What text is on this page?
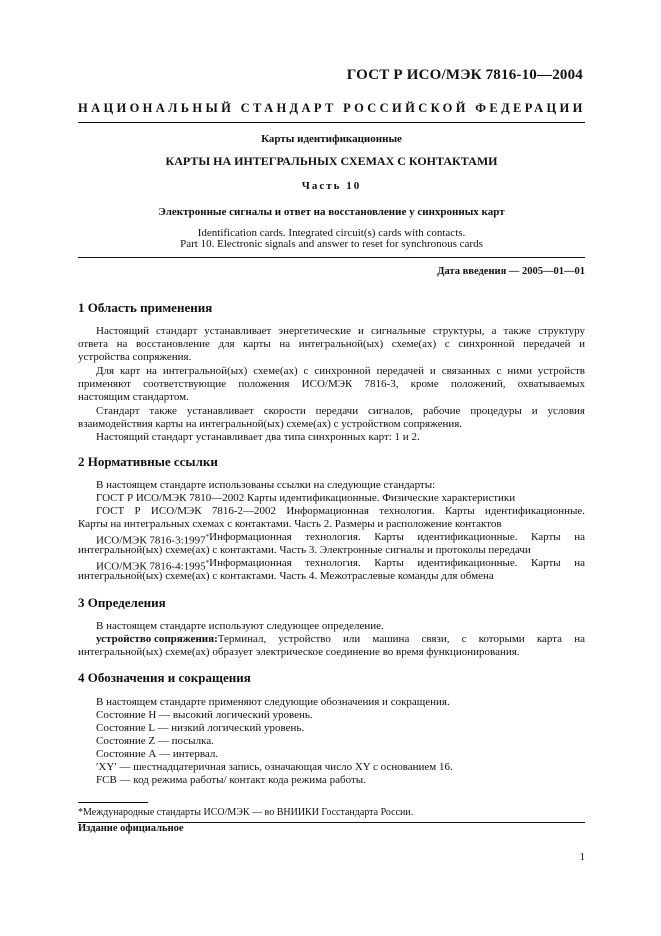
ГОСТ Р ИСО/МЭК 7816-10—2004
НАЦИОНАЛЬНЫЙ СТАНДАРТ РОССИЙСКОЙ ФЕДЕРАЦИИ
Карты идентификационные
КАРТЫ НА ИНТЕГРАЛЬНЫХ СХЕМАХ С КОНТАКТАМИ
Часть 10
Электронные сигналы и ответ на восстановление у синхронных карт
Identification cards. Integrated circuit(s) cards with contacts.
Part 10. Electronic signals and answer to reset for synchronous cards
Дата введения — 2005—01—01
1 Область применения
Настоящий стандарт устанавливает энергетические и сигнальные структуры, а также структуру
ответа на восстановление для карты на интегральной(ых) схеме(ах) с синхронной передачей и
устройства сопряжения.
Для карт на интегральной(ых) схеме(ах) с синхронной передачей и связанных с ними устройств
применяют соответствующие положения ИСО/МЭК 7816-3, кроме положений, охватываемых
настоящим стандартом.
Стандарт также устанавливает скорости передачи сигналов, рабочие процедуры и условия
взаимодействия карты на интегральной(ых) схеме(ах) с устройством сопряжения.
Настоящий стандарт устанавливает два типа синхронных карт: 1 и 2.
2 Нормативные ссылки
В настоящем стандарте использованы ссылки на следующие стандарты:
ГОСТ Р ИСО/МЭК 7810—2002 Карты идентификационные. Физические характеристики
ГОСТ Р ИСО/МЭК 7816-2—2002 Информационная технология. Карты идентификационные.
Карты на интегральных схемах с контактами. Часть 2. Размеры и расположение контактов
ИСО/МЭК 7816-3:1997* Информационная технология. Карты идентификационные. Карты на
интегральной(ых) схеме(ах) с контактами. Часть 3. Электронные сигналы и протоколы передачи
ИСО/МЭК 7816-4:1995* Информационная технология. Карты идентификационные. Карты на
интегральной(ых) схеме(ах) с контактами. Часть 4. Межотраслевые команды для обмена
3 Определения
В настоящем стандарте используют следующее определение.
устройство сопряжения: Терминал, устройство или машина связи, с которыми карта на
интегральной(ых) схеме(ах) образует электрическое соединение во время функционирования.
4 Обозначения и сокращения
В настоящем стандарте применяют следующие обозначения и сокращения.
Состояние Н — высокий логический уровень.
Состояние L — низкий логический уровень.
Состояние Z — посылка.
Состояние А — интервал.
′XY′ — шестнадцатеричная запись, означающая число XY с основанием 16.
FCB — код режима работы/ контакт кода режима работы.
*Международные стандарты ИСО/МЭК — во ВНИИКИ Госстандарта России.
Издание официальное
1
